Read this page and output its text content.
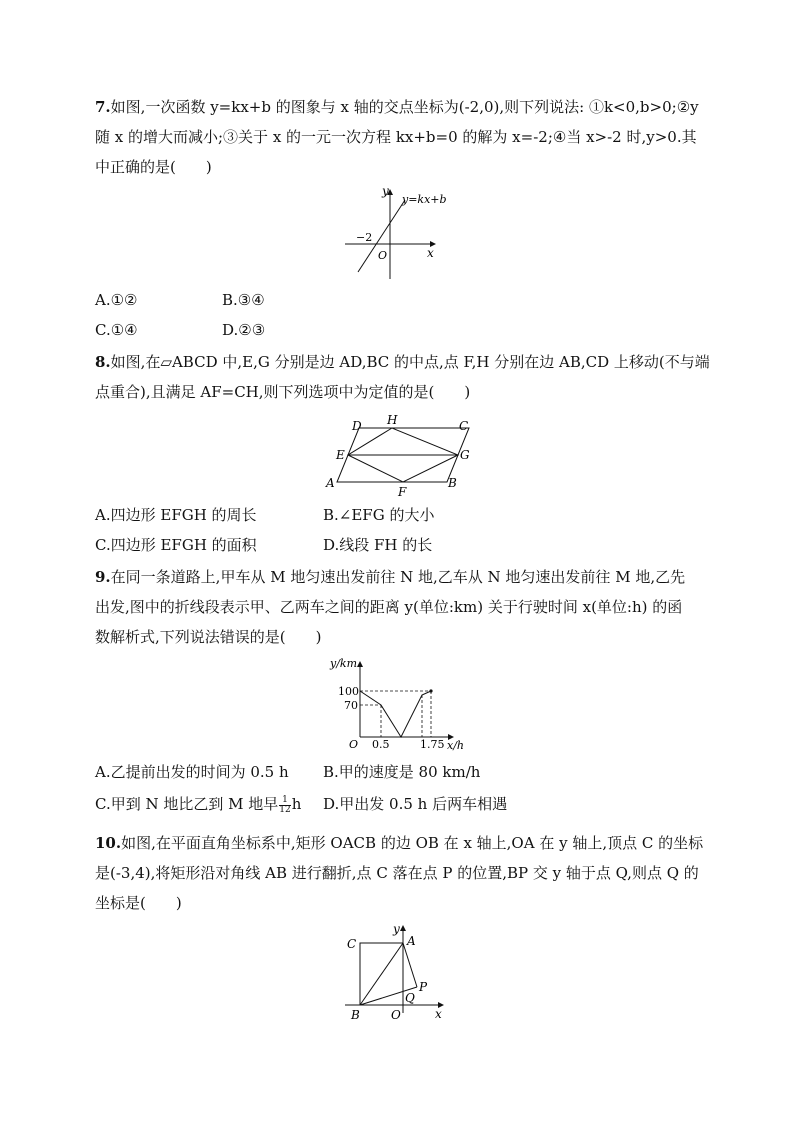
7.如图,一次函数 y=kx+b 的图象与 x 轴的交点坐标为(-2,0),则下列说法: ①k<0,b>0;②y
随 x 的增大而减小;③关于 x 的一元一次方程 kx+b=0 的解为 x=-2;④当 x>-2 时,y>0.其
中正确的是(　　)
y=kx+b
−2
O	x
y
A.①②	B.③④
C.①④	D.②③
8.如图,在▱ABCD 中,E,G 分别是边 AD,BC 的中点,点 F,H 分别在边 AB,CD 上移动(不与端
点重合),且满足 AF=CH,则下列选项中为定值的是(　　)
A	B
C
D
E
F
G
H
A.四边形 EFGH 的周长	B.∠EFG 的大小
C.四边形 EFGH 的面积	D.线段 FH 的长
9.在同一条道路上,甲车从 M 地匀速出发前往 N 地,乙车从 N 地匀速出发前往 M 地,乙先
出发,图中的折线段表示甲、乙两车之间的距离 y(单位:km) 关于行驶时间 x(单位:h) 的函
数解析式,下列说法错误的是(　　)
y/km
x/h
O
100
70
0.5	1.75
A.乙提前出发的时间为 0.5 h B.甲的速度是 80 km/h
C.甲到 N 地比乙到 M 地早 $\frac{1}{12}$ h D.甲出发 0.5 h 后两车相遇
10.如图,在平面直角坐标系中,矩形 OACB 的边 OB 在 x 轴上,OA 在 y 轴上,顶点 C 的坐标
是(-3,4),将矩形沿对角线 AB 进行翻折,点 C 落在点 P 的位置,BP 交 y 轴于点 Q,则点 Q 的
坐标是(　　)
A
B
C
O
P
Q
x
y
